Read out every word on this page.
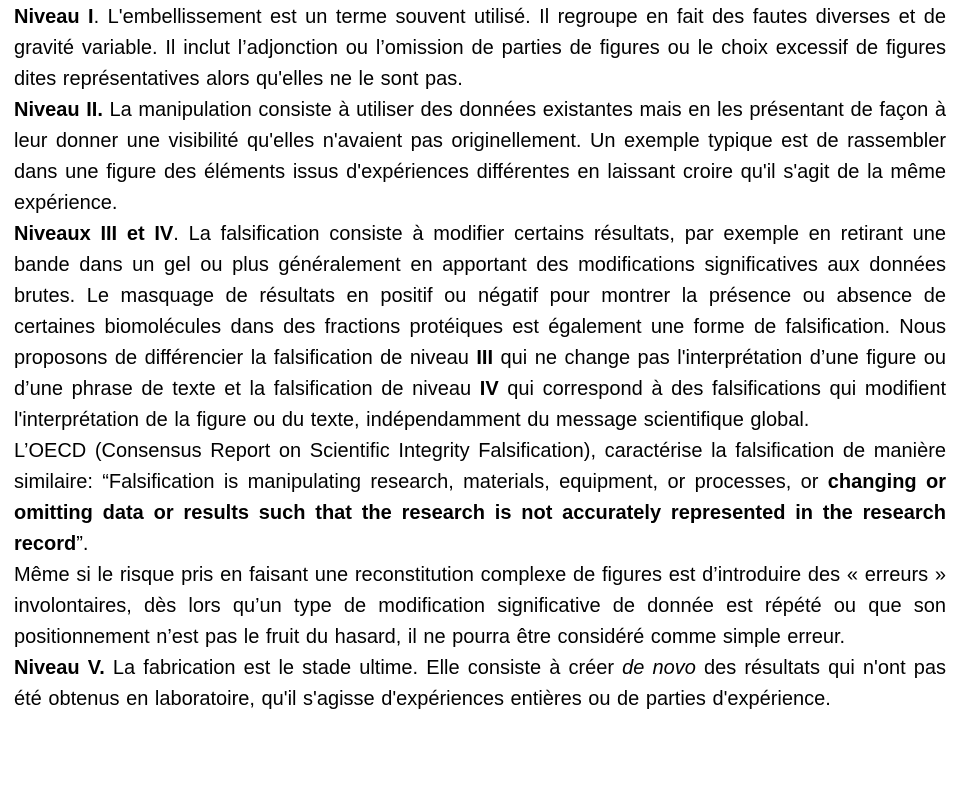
Niveau I. L'embellissement est un terme souvent utilisé. Il regroupe en fait des fautes diverses et de gravité variable. Il inclut l’adjonction ou l’omission de parties de figures ou le choix excessif de figures dites représentatives alors qu'elles ne le sont pas.

Niveau II. La manipulation consiste à utiliser des données existantes mais en les présentant de façon à leur donner une visibilité qu'elles n'avaient pas originellement. Un exemple typique est de rassembler dans une figure des éléments issus d'expériences différentes en laissant croire qu'il s'agit de la même expérience.

Niveaux III et IV. La falsification consiste à modifier certains résultats, par exemple en retirant une bande dans un gel ou plus généralement en apportant des modifications significatives aux données brutes. Le masquage de résultats en positif ou négatif pour montrer la présence ou absence de certaines biomolécules dans des fractions protéiques est également une forme de falsification. Nous proposons de différencier la falsification de niveau III qui ne change pas l'interprétation d’une figure ou d’une phrase de texte et la falsification de niveau IV qui correspond à des falsifications qui modifient l'interprétation de la figure ou du texte, indépendamment du message scientifique global.

L’OECD (Consensus Report on Scientific Integrity Falsification), caractérise la falsification de manière similaire: “Falsification is manipulating research, materials, equipment, or processes, or changing or omitting data or results such that the research is not accurately represented in the research record”.

Même si le risque pris en faisant une reconstitution complexe de figures est d’introduire des « erreurs » involontaires, dès lors qu’un type de modification significative de donnée est répété ou que son positionnement n’est pas le fruit du hasard, il ne pourra être considéré comme simple erreur.

Niveau V. La fabrication est le stade ultime. Elle consiste à créer de novo des résultats qui n'ont pas été obtenus en laboratoire, qu'il s'agisse d'expériences entières ou de parties d'expérience.
